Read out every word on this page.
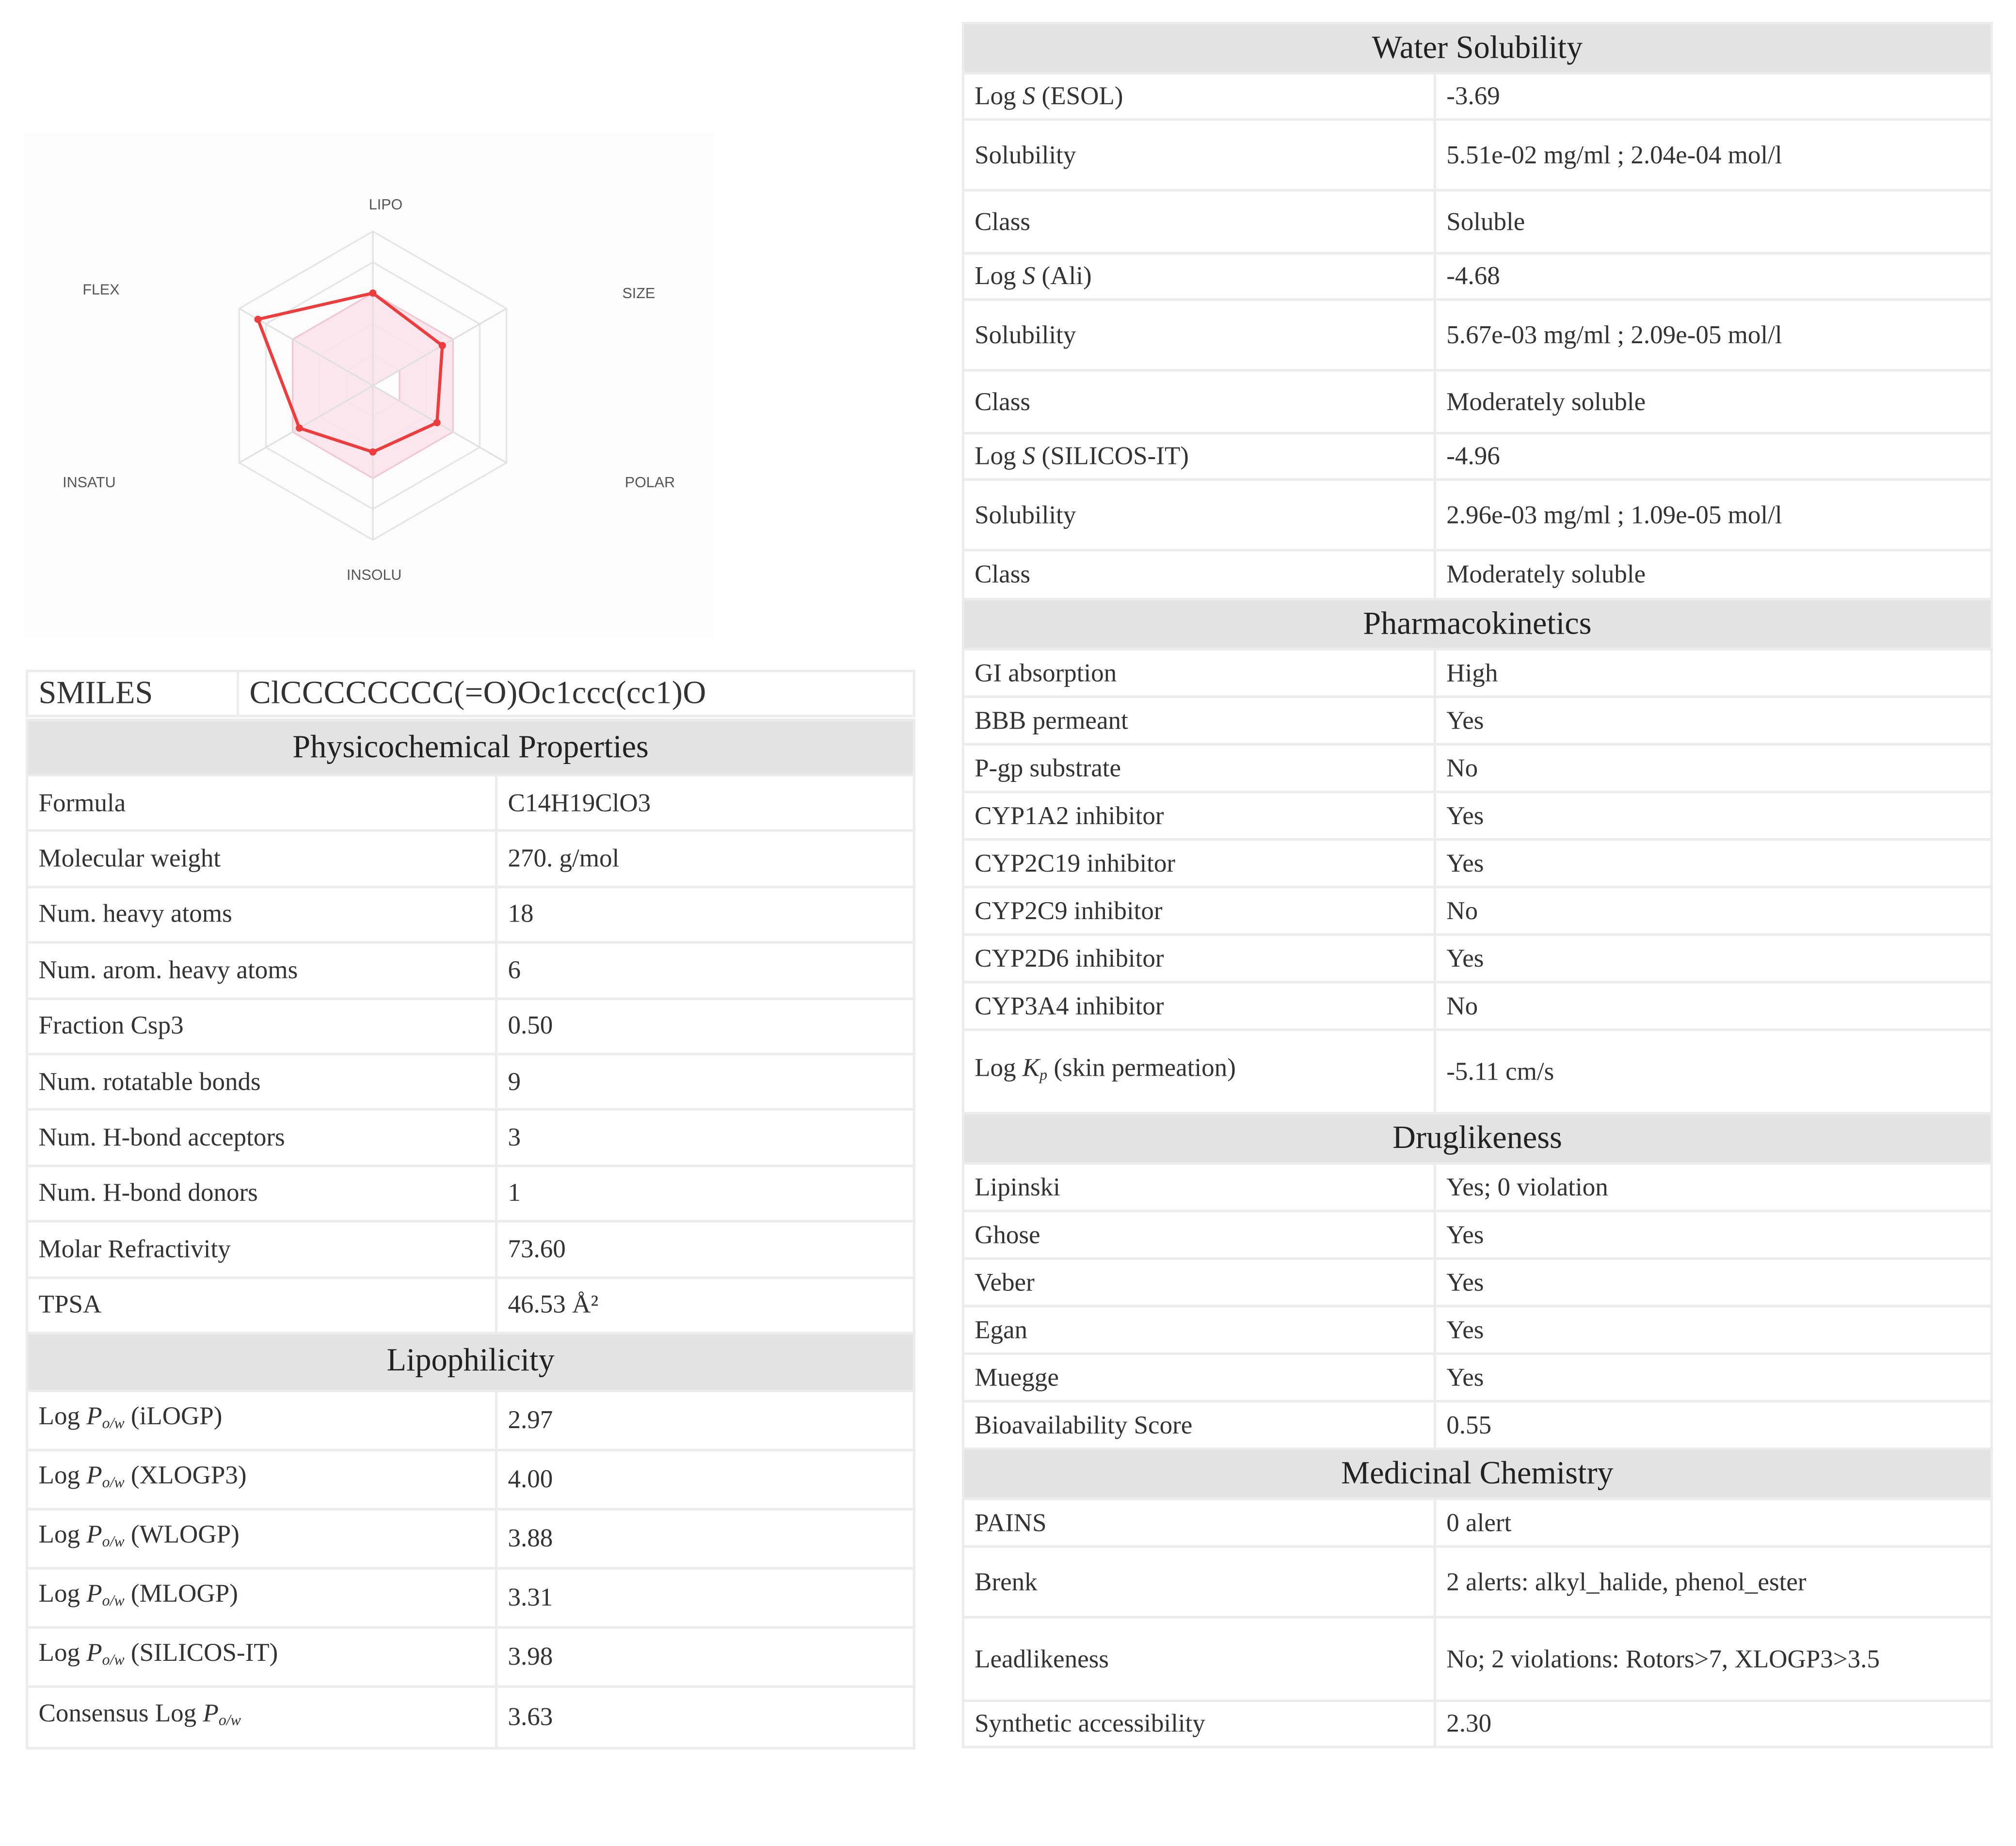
LIPO
SIZE
POLAR
INSOLU
INSATU
FLEX
SMILES	ClCCCCCCCC(=O)Oc1ccc(cc1)O
Physicochemical Properties	
Formula	C14H19ClO3
Molecular weight	270. g/mol
Num. heavy atoms	18
Num. arom. heavy atoms	6
Fraction Csp3	0.50
Num. rotatable bonds	9
Num. H-bond acceptors	3
Num. H-bond donors	1
Molar Refractivity	73.60
TPSA	46.53 Å²
Lipophilicity	
Log $P_{o/w}$ (iLOGP)	2.97
Log $P_{o/w}$ (XLOGP3)	4.00
Log $P_{o/w}$ (WLOGP)	3.88
Log $P_{o/w}$ (MLOGP)	3.31
Log $P_{o/w}$ (SILICOS-IT)	3.98
Consensus Log $P_{o/w}$	3.63
Water Solubility	
Log S (ESOL)	-3.69
Solubility	5.51e-02 mg/ml ; 2.04e-04 mol/l
Class	Soluble
Log S (Ali)	-4.68
Solubility	5.67e-03 mg/ml ; 2.09e-05 mol/l
Class	Moderately soluble
Log S (SILICOS-IT)	-4.96
Solubility	2.96e-03 mg/ml ; 1.09e-05 mol/l
Class	Moderately soluble
Pharmacokinetics	
GI absorption	High
BBB permeant	Yes
P-gp substrate	No
CYP1A2 inhibitor	Yes
CYP2C19 inhibitor	Yes
CYP2C9 inhibitor	No
CYP2D6 inhibitor	Yes
CYP3A4 inhibitor	No
Log $K_p$ (skin permeation)	-5.11 cm/s
Druglikeness	
Lipinski	Yes; 0 violation
Ghose	Yes
Veber	Yes
Egan	Yes
Muegge	Yes
Bioavailability Score	0.55
Medicinal Chemistry	
PAINS	0 alert
Brenk	2 alerts: alkyl_halide, phenol_ester
Leadlikeness	No; 2 violations: Rotors>7, XLOGP3>3.5
Synthetic accessibility	2.30
